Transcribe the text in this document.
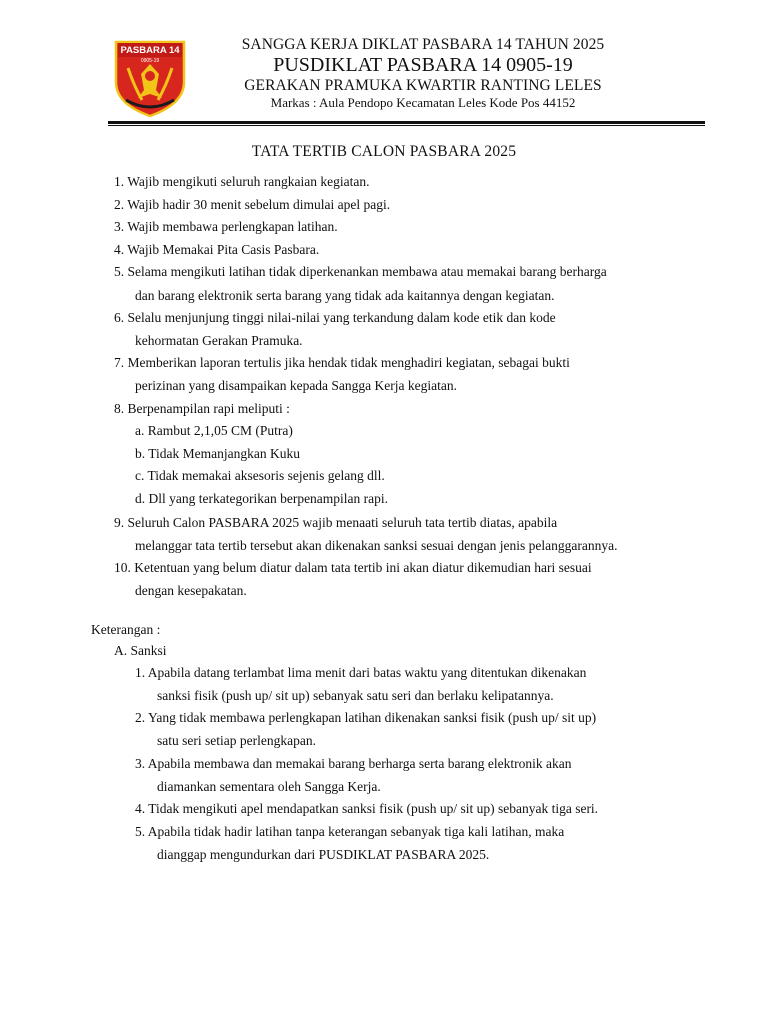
PASBARA 14
0905-19
SANGGA KERJA DIKLAT PASBARA 14 TAHUN 2025
PUSDIKLAT PASBARA 14 0905-19
GERAKAN PRAMUKA KWARTIR RANTING LELES
Markas : Aula Pendopo Kecamatan Leles Kode Pos 44152
TATA TERTIB CALON PASBARA 2025
1. Wajib mengikuti seluruh rangkaian kegiatan.
2. Wajib hadir 30 menit sebelum dimulai apel pagi.
3. Wajib membawa perlengkapan latihan.
4. Wajib Memakai Pita Casis Pasbara.
5. Selama mengikuti latihan tidak diperkenankan membawa atau memakai barang berharga
dan barang elektronik serta barang yang tidak ada kaitannya dengan kegiatan.
6. Selalu menjunjung tinggi nilai-nilai yang terkandung dalam kode etik dan kode
kehormatan Gerakan Pramuka.
7. Memberikan laporan tertulis jika hendak tidak menghadiri kegiatan, sebagai bukti
perizinan yang disampaikan kepada Sangga Kerja kegiatan.
8. Berpenampilan rapi meliputi :
a. Rambut 2,1,05 CM (Putra)
b. Tidak Memanjangkan Kuku
c. Tidak memakai aksesoris sejenis gelang dll.
d. Dll yang terkategorikan berpenampilan rapi.
9. Seluruh Calon PASBARA 2025 wajib menaati seluruh tata tertib diatas, apabila
melanggar tata tertib tersebut akan dikenakan sanksi sesuai dengan jenis pelanggarannya.
10. Ketentuan yang belum diatur dalam tata tertib ini akan diatur dikemudian hari sesuai
dengan kesepakatan.
Keterangan :
A. Sanksi
1. Apabila datang terlambat lima menit dari batas waktu yang ditentukan dikenakan
sanksi fisik (push up/ sit up) sebanyak satu seri dan berlaku kelipatannya.
2. Yang tidak membawa perlengkapan latihan dikenakan sanksi fisik (push up/ sit up)
satu seri setiap perlengkapan.
3. Apabila membawa dan memakai barang berharga serta barang elektronik akan
diamankan sementara oleh Sangga Kerja.
4. Tidak mengikuti apel mendapatkan sanksi fisik (push up/ sit up) sebanyak tiga seri.
5. Apabila tidak hadir latihan tanpa keterangan sebanyak tiga kali latihan, maka
dianggap mengundurkan dari PUSDIKLAT PASBARA 2025.
